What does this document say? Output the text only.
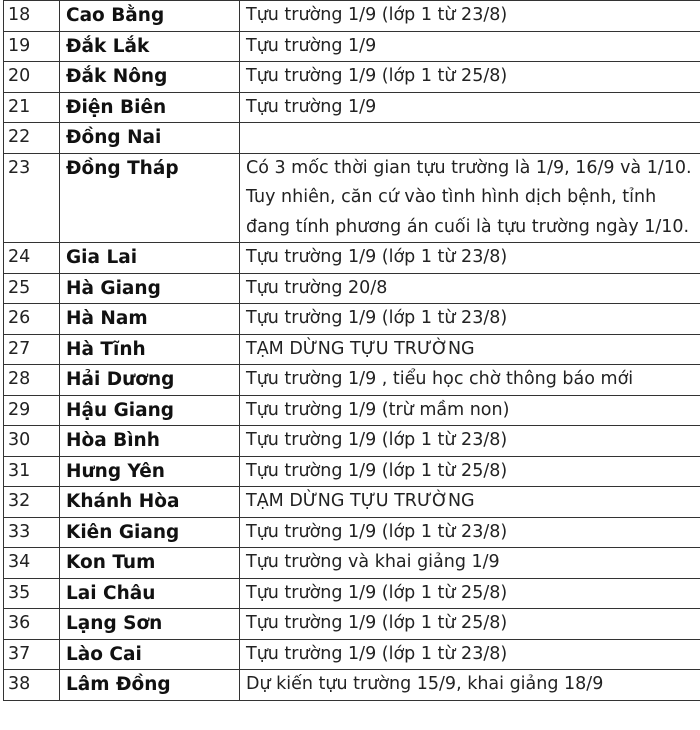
18	Cao Bằng	Tựu trường 1/9 (lớp 1 từ 23/8)
19	Đắk Lắk	Tựu trường 1/9
20	Đắk Nông	Tựu trường 1/9 (lớp 1 từ 25/8)
21	Điện Biên	Tựu trường 1/9
22	Đồng Nai	
23	Đồng Tháp	Có 3 mốc thời gian tựu trường là 1/9, 16/9 và 1/10. Tuy nhiên, căn cứ vào tình hình dịch bệnh, tỉnh đang tính phương án cuối là tựu trường ngày 1/10.
24	Gia Lai	Tựu trường 1/9 (lớp 1 từ 23/8)
25	Hà Giang	Tựu trường 20/8
26	Hà Nam	Tựu trường 1/9 (lớp 1 từ 23/8)
27	Hà Tĩnh	TẠM DỪNG TỰU TRƯỜNG
28	Hải Dương	Tựu trường 1/9 , tiểu học chờ thông báo mới
29	Hậu Giang	Tựu trường 1/9 (trừ mầm non)
30	Hòa Bình	Tựu trường 1/9 (lớp 1 từ 23/8)
31	Hưng Yên	Tựu trường 1/9 (lớp 1 từ 25/8)
32	Khánh Hòa	TẠM DỪNG TỰU TRƯỜNG
33	Kiên Giang	Tựu trường 1/9 (lớp 1 từ 23/8)
34	Kon Tum	Tựu trường và khai giảng 1/9
35	Lai Châu	Tựu trường 1/9 (lớp 1 từ 25/8)
36	Lạng Sơn	Tựu trường 1/9 (lớp 1 từ 25/8)
37	Lào Cai	Tựu trường 1/9 (lớp 1 từ 23/8)
38	Lâm Đồng	Dự kiến tựu trường 15/9, khai giảng 18/9
